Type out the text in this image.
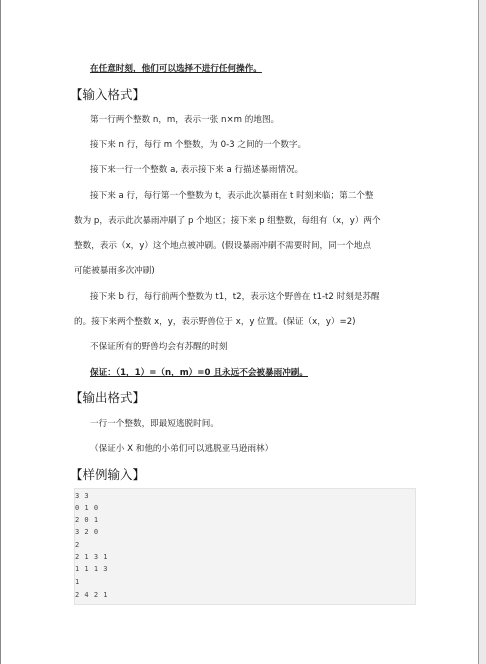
在任意时刻，他们可以选择不进行任何操作。
【输入格式】
第一行两个整数 n，m，表示一张 n×m 的地图。
接下来 n 行，每行 m 个整数，为 0-3 之间的一个数字。
接下来一行一个整数 a, 表示接下来 a 行描述暴雨情况。
接下来 a 行，每行第一个整数为 t，表示此次暴雨在 t 时刻来临；第二个整
数为 p，表示此次暴雨冲刷了 p 个地区；接下来 p 组整数，每组有（x，y）两个
整数，表示（x，y）这个地点被冲刷。(假设暴雨冲刷不需要时间，同一个地点
可能被暴雨多次冲刷)
接下来 b 行，每行前两个整数为 t1，t2，表示这个野兽在 t1-t2 时刻是苏醒
的。接下来两个整数 x，y，表示野兽位于 x，y 位置。(保证（x，y）=2)
不保证所有的野兽均会有苏醒的时刻
保证：（1，1）=（n，m）=0 且永远不会被暴雨冲刷。
【输出格式】
一行一个整数，即最短逃脱时间。
（保证小 X 和他的小弟们可以逃脱亚马逊雨林）
【样例输入】
3 3
0 1 0
2 0 1
3 2 0
2
2 1 3 1
1 1 1 3
1
2 4 2 1
